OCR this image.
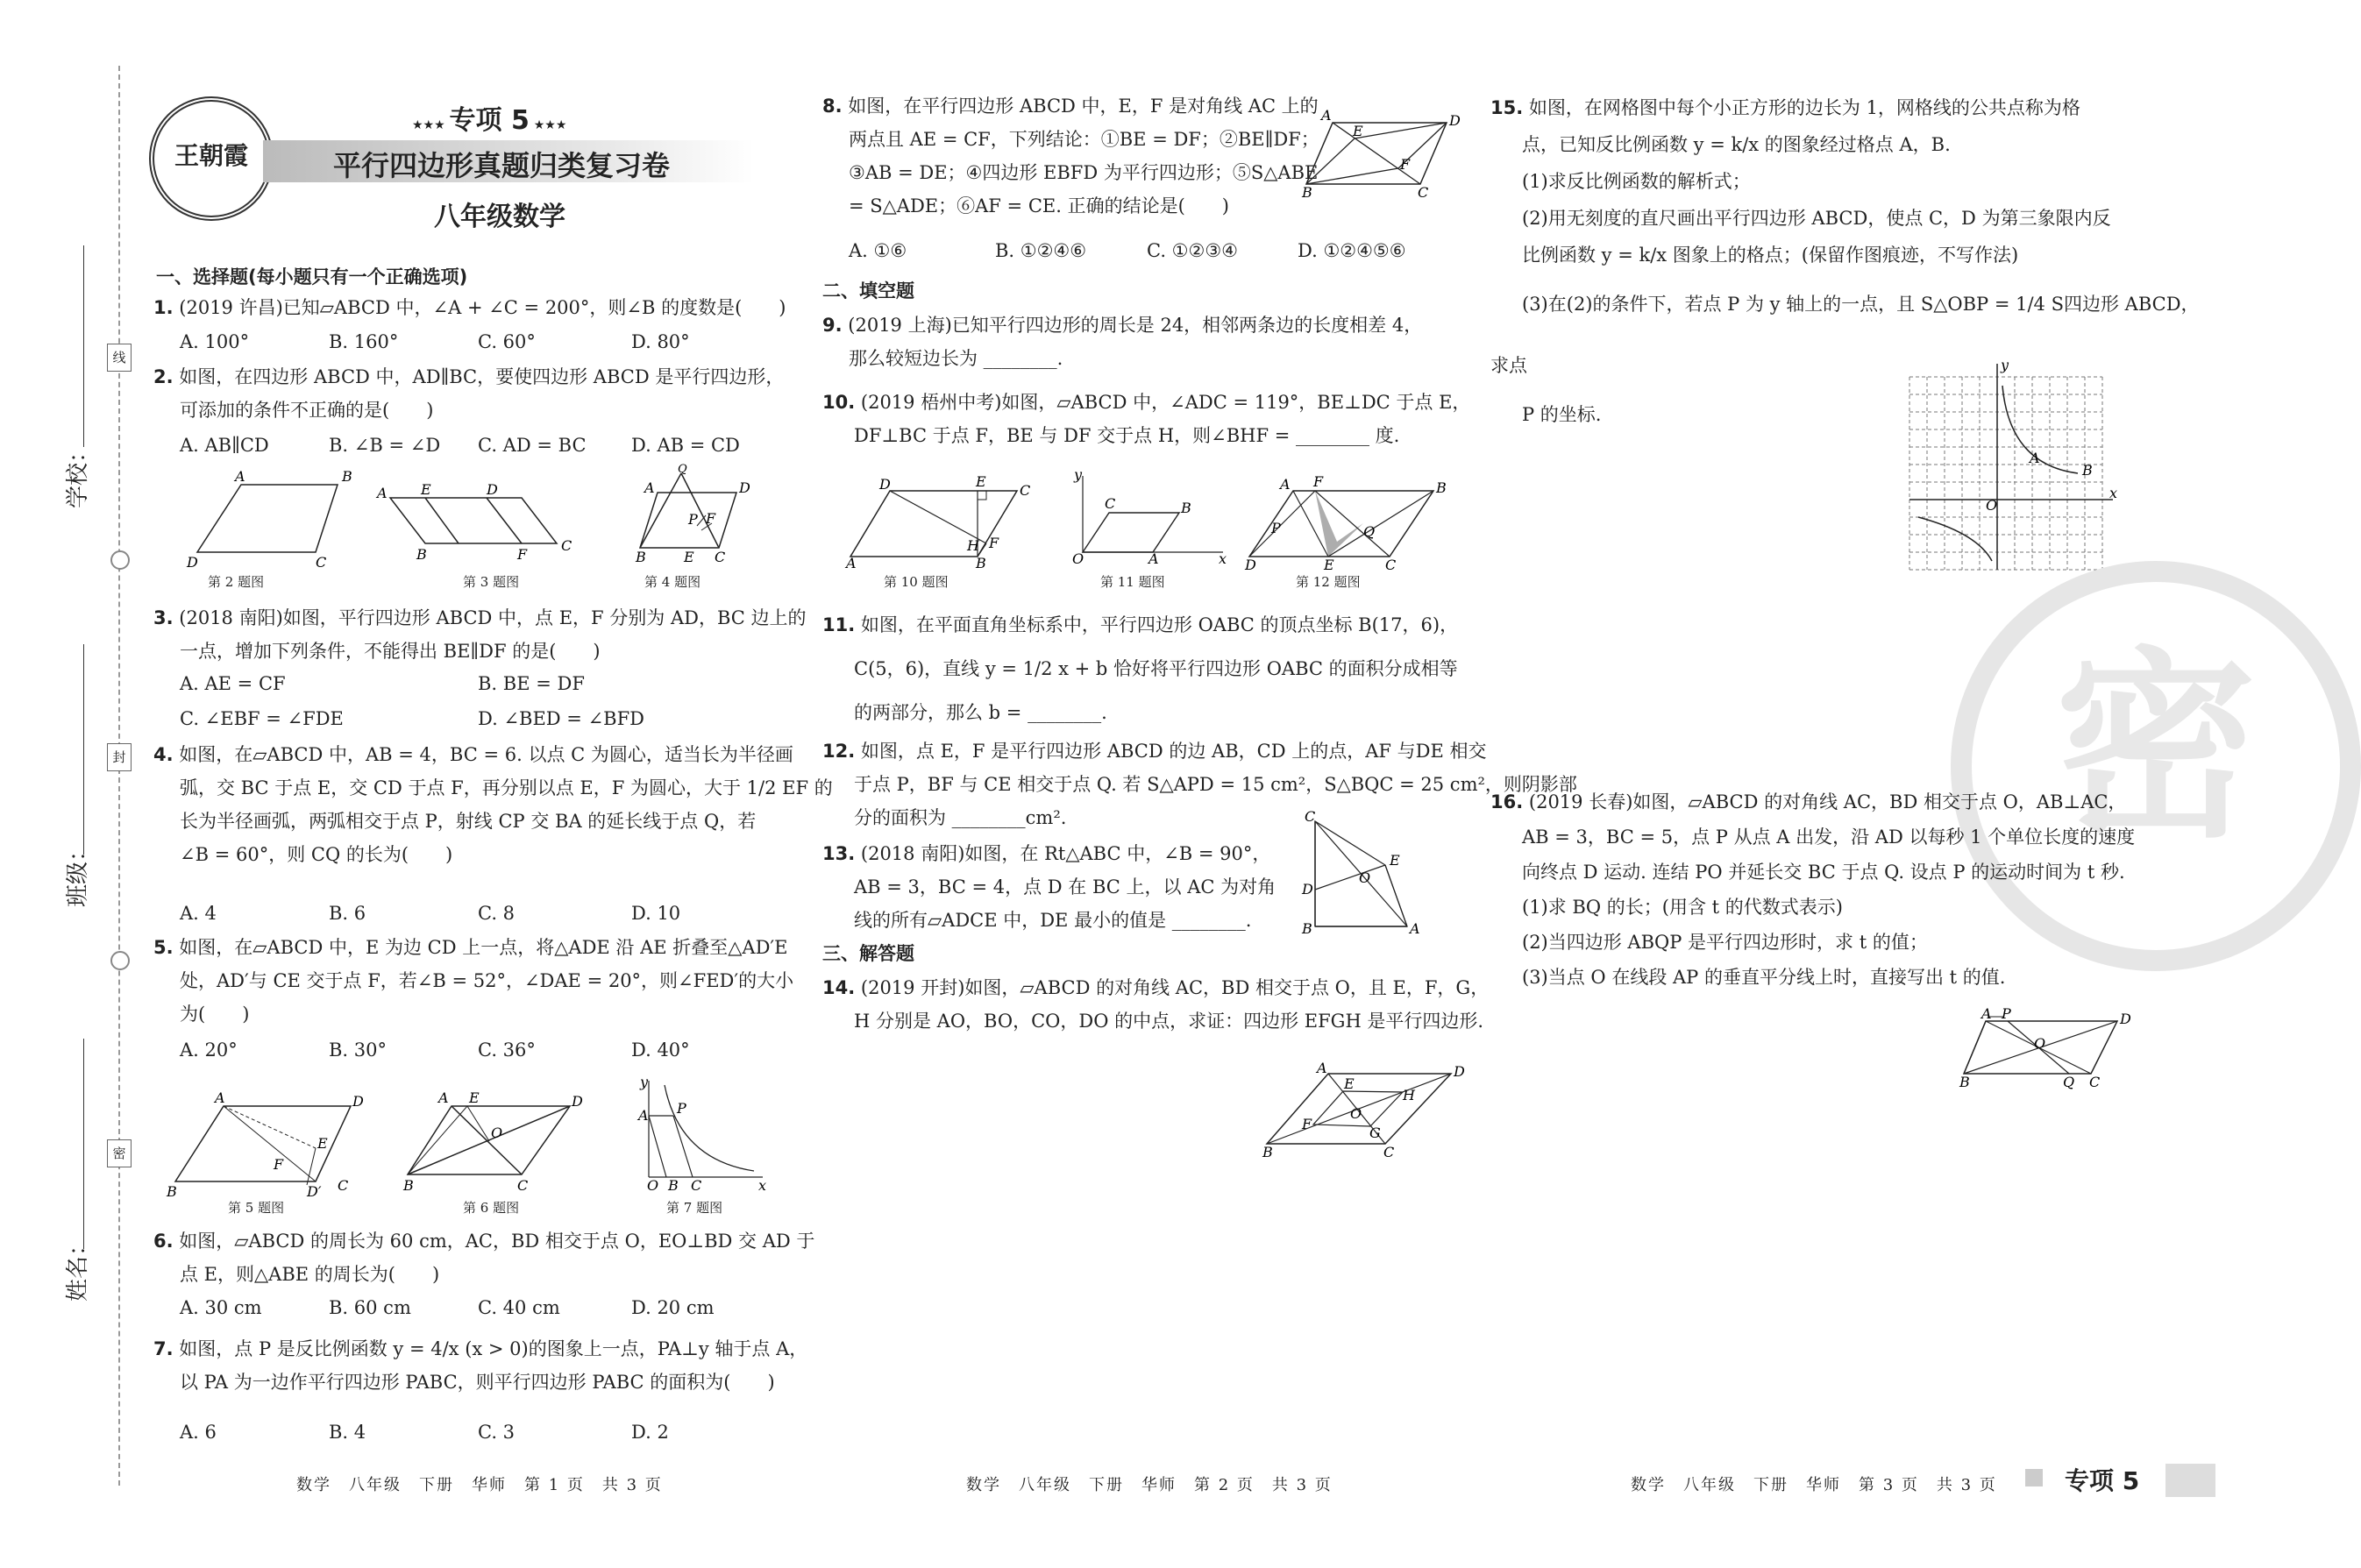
学校：
班级：
姓名：
线
封
密
王朝霞
★★★ 专项 5 ★★★
平行四边形真题归类复习卷
八年级数学
一、选择题(每小题只有一个正确选项)
1. (2019 许昌)已知▱ABCD 中，∠A + ∠C = 200°，则∠B 的度数是(　　)
A. 100°	B. 160°	C. 60°	D. 80°
2. 如图，在四边形 ABCD 中，AD∥BC，要使四边形 ABCD 是平行四边形，
可添加的条件不正确的是(　　)
A. AB∥CD	B. ∠B = ∠D C. AD = BC D. AB = CD
A	B
D	C
A E	D
C
B	F
Q
A	D
P F
B	E C
第 2 题图	第 3 题图	第 4 题图
3. (2018 南阳)如图，平行四边形 ABCD 中，点 E，F 分别为 AD，BC 边上的
一点，增加下列条件，不能得出 BE∥DF 的是(　　)
A. AE = CF	B. BE = DF
C. ∠EBF = ∠FDE	D. ∠BED = ∠BFD
4. 如图，在▱ABCD 中，AB = 4，BC = 6. 以点 C 为圆心，适当长为半径画
弧，交 BC 于点 E，交 CD 于点 F，再分别以点 E，F 为圆心，大于 1/2 EF 的
长为半径画弧，两弧相交于点 P，射线 CP 交 BA 的延长线于点 Q，若
∠B = 60°，则 CQ 的长为(　　)
A. 4	B. 6	C. 8	D. 10
5. 如图，在▱ABCD 中，E 为边 CD 上一点，将△ADE 沿 AE 折叠至△AD′E
处，AD′与 CE 交于点 F，若∠B = 52°，∠DAE = 20°，则∠FED′的大小
为(　　)
A. 20°	B. 30°	C. 36°	D. 40°
A	D
E
F
D′
B	C
A E	D
O
B	C
y
A P
O B C	x
第 5 题图	第 6 题图	第 7 题图
6. 如图，▱ABCD 的周长为 60 cm，AC，BD 相交于点 O，EO⊥BD 交 AD 于
点 E，则△ABE 的周长为(　　)
A. 30 cm	B. 60 cm	C. 40 cm	D. 20 cm
7. 如图，点 P 是反比例函数 y = 4/x (x > 0)的图象上一点，PA⊥y 轴于点 A，
以 PA 为一边作平行四边形 PABC，则平行四边形 PABC 的面积为(　　)
A. 6	B. 4	C. 3	D. 2
数学　八年级　下册　华师　第 1 页　共 3 页
8. 如图，在平行四边形 ABCD 中，E，F 是对角线 AC 上的
两点且 AE = CF，下列结论：①BE = DF；②BE∥DF；
③AB = DE；④四边形 EBFD 为平行四边形；⑤S△ABE
= S△ADE；⑥AF = CE. 正确的结论是(　　)
A	D
E
F
B	C
A. ①⑥	B. ①②④⑥	C. ①②③④	D. ①②④⑤⑥
二、填空题
9. (2019 上海)已知平行四边形的周长是 24，相邻两条边的长度相差 4，
那么较短边长为 ________.
10. (2019 梧州中考)如图，▱ABCD 中，∠ADC = 119°，BE⊥DC 于点 E，
DF⊥BC 于点 F，BE 与 DF 交于点 H，则∠BHF = ________ 度.
D	E
C
H F
A	B
y
C	B
O	A	x
A F	B
P	Q
D	E	C
第 10 题图	第 11 题图	第 12 题图
11. 如图，在平面直角坐标系中，平行四边形 OABC 的顶点坐标 B(17，6)，
C(5，6)，直线 y = 1/2 x + b 恰好将平行四边形 OABC 的面积分成相等
的两部分，那么 b = ________.
12. 如图，点 E，F 是平行四边形 ABCD 的边 AB，CD 上的点，AF 与DE 相交
于点 P，BF 与 CE 相交于点 Q. 若 S△APD = 15 cm²，S△BQC = 25 cm²，则阴影部
分的面积为 ________cm².
13. (2018 南阳)如图，在 Rt△ABC 中，∠B = 90°，
AB = 3，BC = 4，点 D 在 BC 上，以 AC 为对角
线的所有▱ADCE 中，DE 最小的值是 ________.
C
E
O
D
B	A
三、解答题
14. (2019 开封)如图，▱ABCD 的对角线 AC，BD 相交于点 O，且 E，F，G，
H 分别是 AO，BO，CO，DO 的中点，求证：四边形 EFGH 是平行四边形.
A	D
E
H
F
O
G
B	C
数学　八年级　下册　华师　第 2 页　共 3 页
15. 如图，在网格图中每个小正方形的边长为 1，网格线的公共点称为格
点，已知反比例函数 y = k/x 的图象经过格点 A，B.
(1)求反比例函数的解析式；
(2)用无刻度的直尺画出平行四边形 ABCD，使点 C，D 为第三象限内反
比例函数 y = k/x 图象上的格点；(保留作图痕迹，不写作法)
(3)在(2)的条件下，若点 P 为 y 轴上的一点，且 S△OBP = 1/4 S四边形 ABCD，求点
P 的坐标.
y
x
O
A
B
密
16. (2019 长春)如图，▱ABCD 的对角线 AC，BD 相交于点 O，AB⊥AC，
AB = 3，BC = 5，点 P 从点 A 出发，沿 AD 以每秒 1 个单位长度的速度
向终点 D 运动. 连结 PO 并延长交 BC 于点 Q. 设点 P 的运动时间为 t 秒.
(1)求 BQ 的长；(用含 t 的代数式表示)
(2)当四边形 ABQP 是平行四边形时，求 t 的值；
(3)当点 O 在线段 AP 的垂直平分线上时，直接写出 t 的值.
A P	D
O
B	Q C
数学　八年级　下册　华师　第 3 页　共 3 页	专项 5
